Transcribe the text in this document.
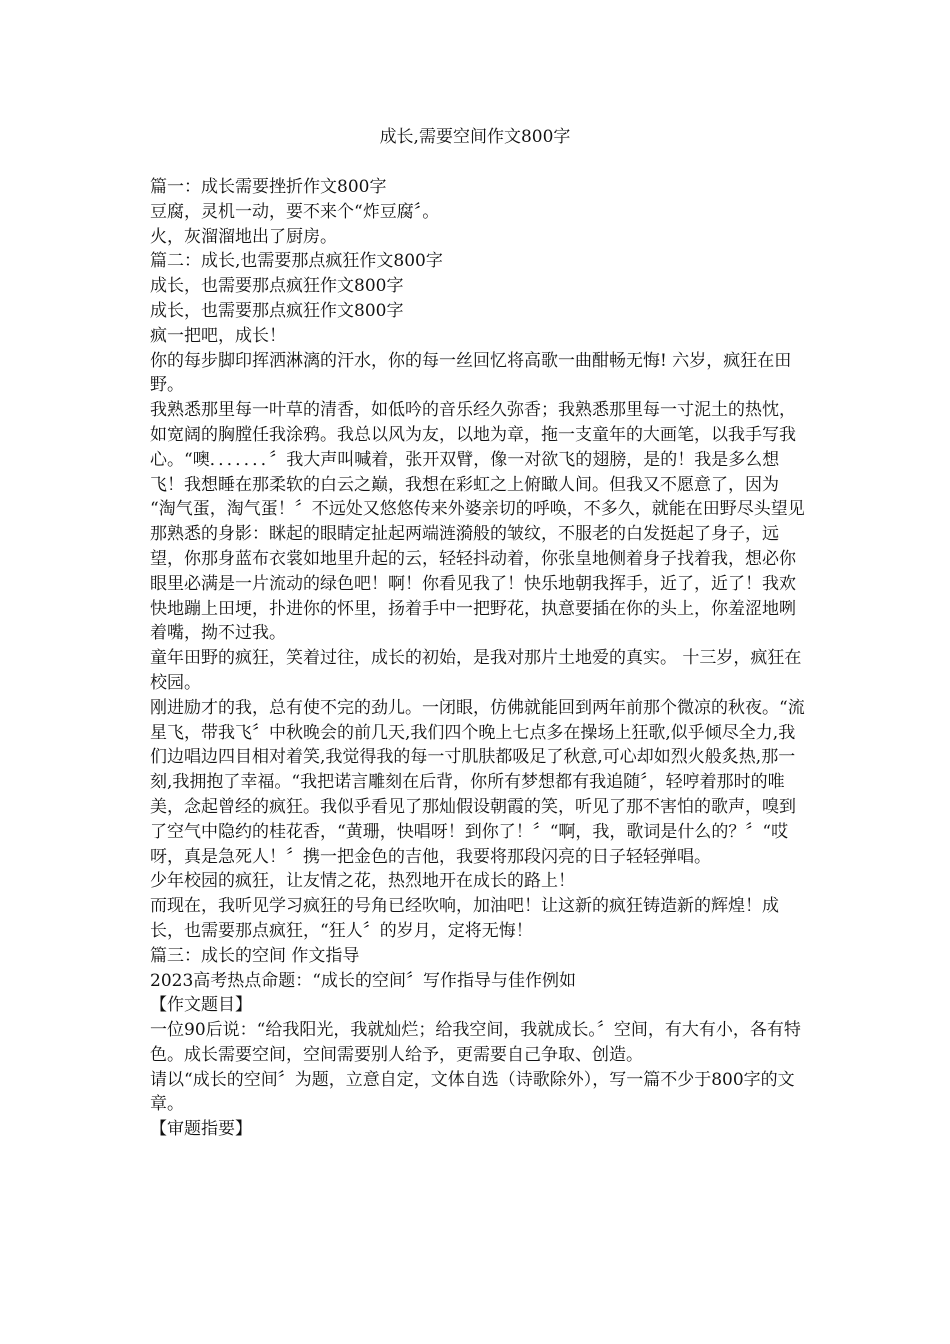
成长,需要空间作文800字

篇一：成长需要挫折作文800字

豆腐，灵机一动，要不来个“炸豆腐〞。

火，灰溜溜地出了厨房。

篇二：成长,也需要那点疯狂作文800字

成长，也需要那点疯狂作文800字

成长，也需要那点疯狂作文800字

疯一把吧，成长！

你的每步脚印挥洒淋漓的汗水，你的每一丝回忆将高歌一曲酣畅无悔! 六岁，疯狂在田野。

我熟悉那里每一叶草的清香，如低吟的音乐经久弥香；我熟悉那里每一寸泥土的热忱，如宽阔的胸膛任我涂鸦。我总以风为友，以地为章，拖一支童年的大画笔，以我手写我心。“噢．．．．．．．〞我大声叫喊着，张开双臂，像一对欲飞的翅膀，是的！我是多么想飞！我想睡在那柔软的白云之巅，我想在彩虹之上俯瞰人间。但我又不愿意了，因为

“淘气蛋，淘气蛋！〞不远处又悠悠传来外婆亲切的呼唤，不多久，就能在田野尽头望见那熟悉的身影：眯起的眼睛定扯起两端涟漪般的皱纹，不服老的白发挺起了身子，远望，你那身蓝布衣裳如地里升起的云，轻轻抖动着，你张皇地侧着身子找着我，想必你眼里必满是一片流动的绿色吧！啊！你看见我了！快乐地朝我挥手，近了，近了！我欢快地蹦上田埂，扑进你的怀里，扬着手中一把野花，执意要插在你的头上，你羞涩地咧着嘴，拗不过我。

童年田野的疯狂，笑着过往，成长的初始，是我对那片土地爱的真实。 十三岁，疯狂在校园。

刚进励才的我，总有使不完的劲儿。一闭眼，仿佛就能回到两年前那个微凉的秋夜。“流星飞，带我飞〞中秋晚会的前几天,我们四个晚上七点多在操场上狂歌,似乎倾尽全力,我们边唱边四目相对着笑,我觉得我的每一寸肌肤都吸足了秋意,可心却如烈火般炙热,那一刻,我拥抱了幸福。“我把诺言雕刻在后背，你所有梦想都有我追随〞，轻哼着那时的唯美，念起曾经的疯狂。我似乎看见了那灿假设朝霞的笑，听见了那不害怕的歌声，嗅到了空气中隐约的桂花香，“黄珊，快唱呀！到你了！〞“啊，我，歌词是什么的？〞“哎呀，真是急死人！〞携一把金色的吉他，我要将那段闪亮的日子轻轻弹唱。

少年校园的疯狂，让友情之花，热烈地开在成长的路上！

而现在，我听见学习疯狂的号角已经吹响，加油吧！让这新的疯狂铸造新的辉煌！成长，也需要那点疯狂，“狂人〞的岁月，定将无悔！

篇三：成长的空间 作文指导

2023高考热点命题：“成长的空间〞写作指导与佳作例如

【作文题目】

一位90后说：“给我阳光，我就灿烂；给我空间，我就成长。〞空间，有大有小，各有特色。成长需要空间，空间需要别人给予，更需要自己争取、创造。

请以“成长的空间〞为题，立意自定，文体自选（诗歌除外），写一篇不少于800字的文章。

【审题指要】
